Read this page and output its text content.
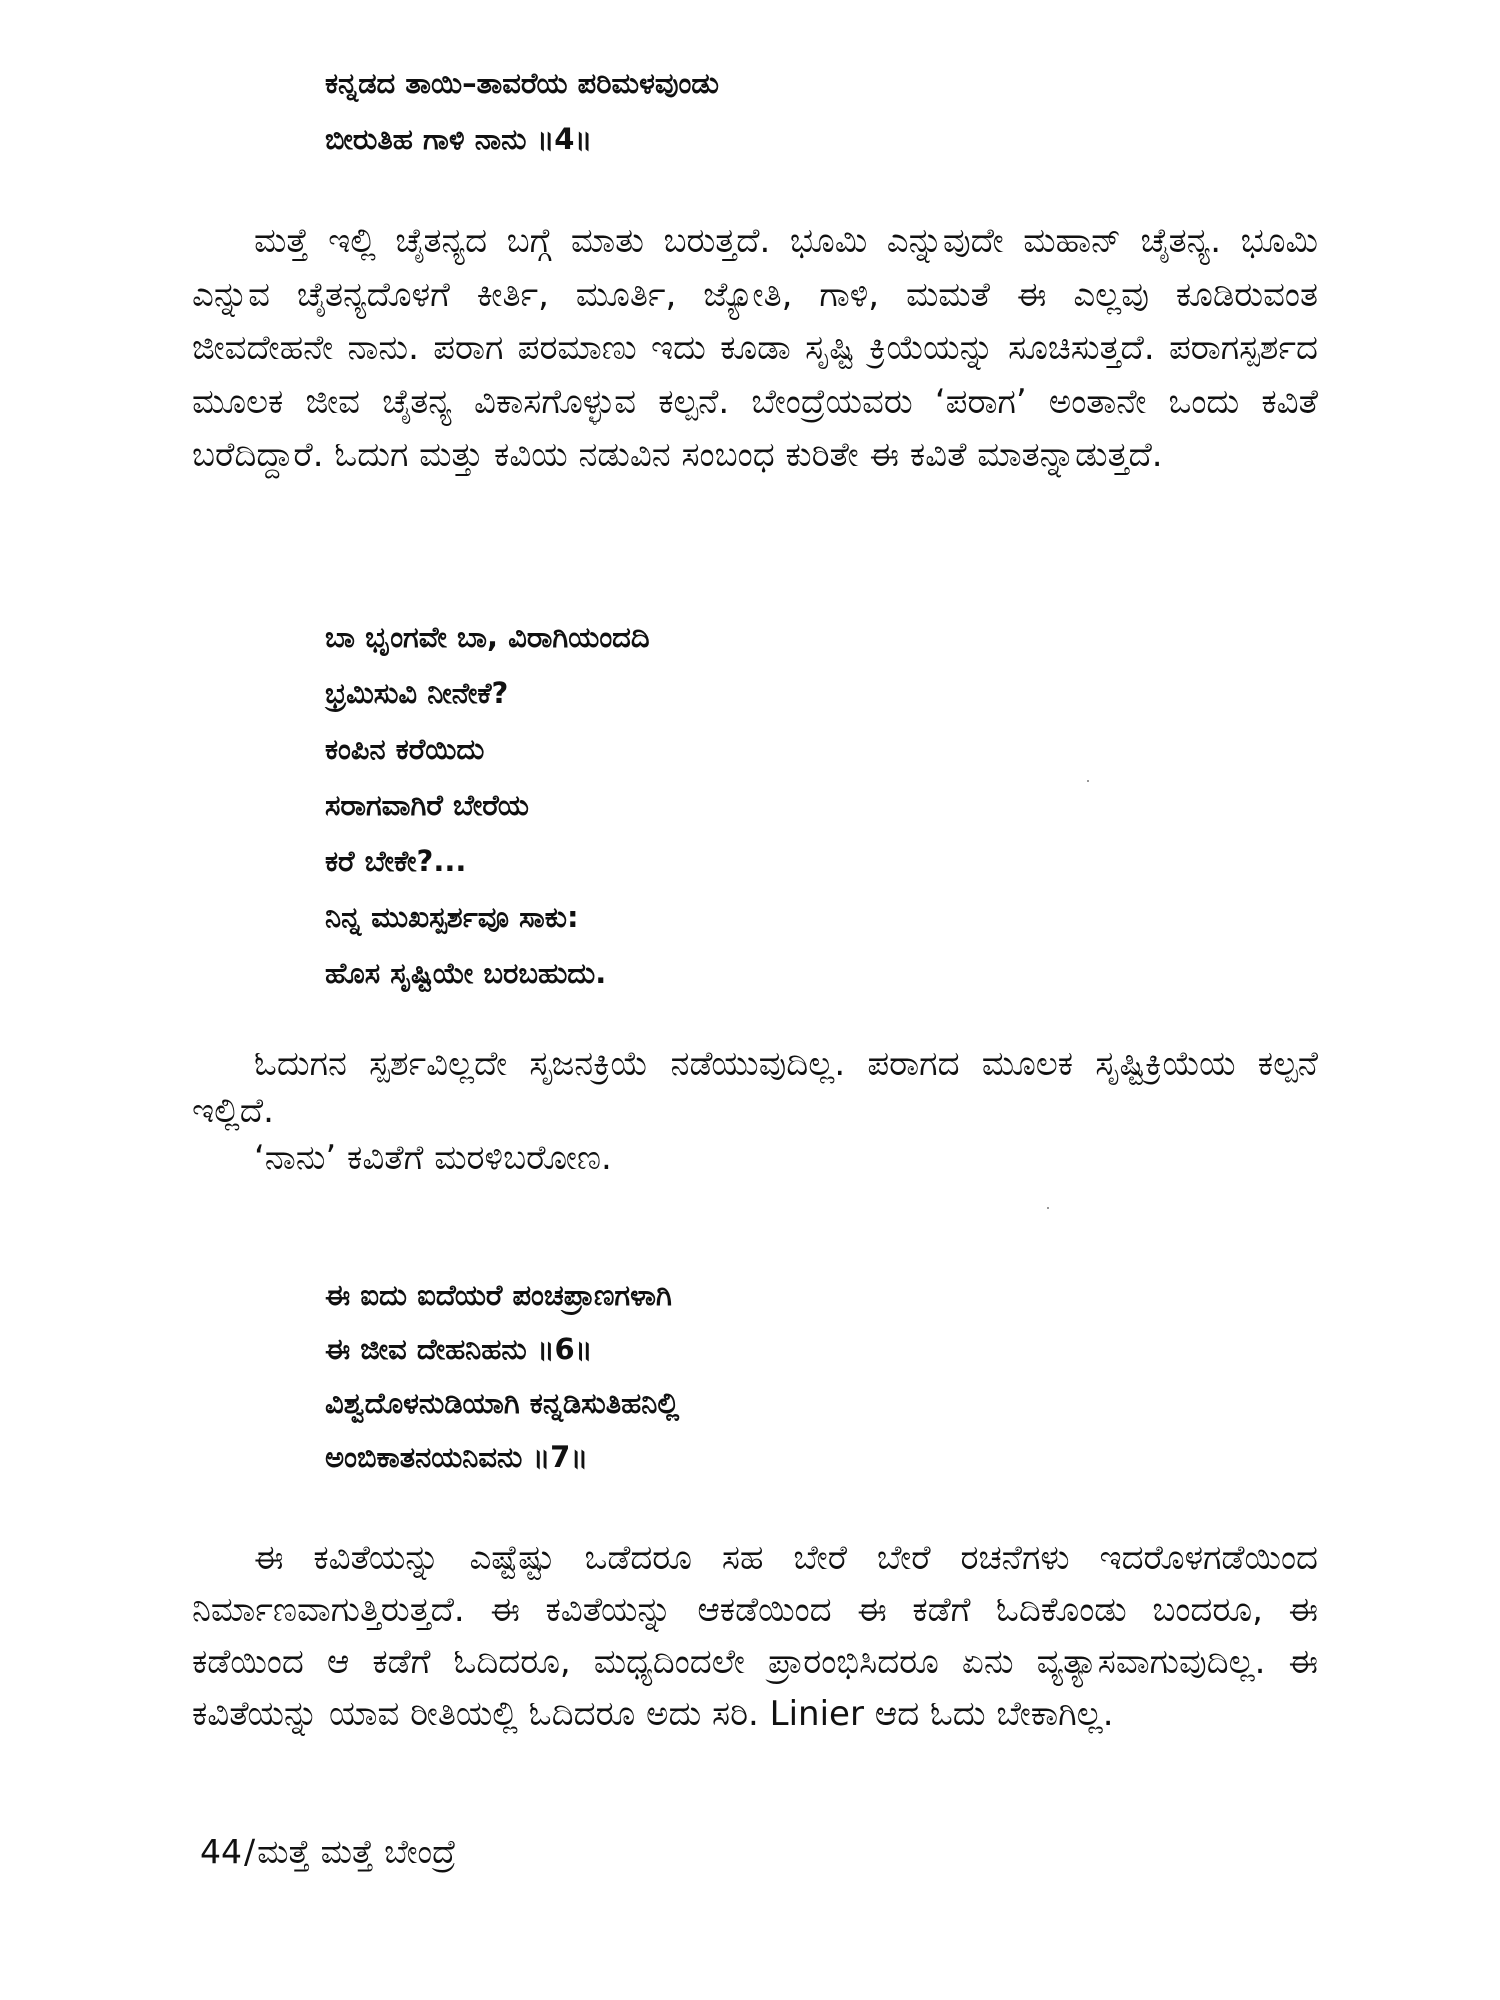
ಕನ್ನಡದ ತಾಯಿ–ತಾವರೆಯ ಪರಿಮಳವುಂಡು
ಬೀರುತಿಹ ಗಾಳಿ ನಾನು ॥4॥

ಮತ್ತೆ ಇಲ್ಲಿ ಚೈತನ್ಯದ ಬಗ್ಗೆ ಮಾತು ಬರುತ್ತದೆ. ಭೂಮಿ ಎನ್ನುವುದೇ ಮಹಾನ್ ಚೈತನ್ಯ. ಭೂಮಿ ಎನ್ನುವ ಚೈತನ್ಯದೊಳಗೆ ಕೀರ್ತಿ, ಮೂರ್ತಿ, ಜ್ಯೋತಿ, ಗಾಳಿ, ಮಮತೆ ಈ ಎಲ್ಲವು ಕೂಡಿರುವಂತ ಜೀವದೇಹನೇ ನಾನು. ಪರಾಗ ಪರಮಾಣು ಇದು ಕೂಡಾ ಸೃಷ್ಟಿ ಕ್ರಿಯೆಯನ್ನು ಸೂಚಿಸುತ್ತದೆ. ಪರಾಗಸ್ಪರ್ಶದ ಮೂಲಕ ಜೀವ ಚೈತನ್ಯ ವಿಕಾಸಗೊಳ್ಳುವ ಕಲ್ಪನೆ. ಬೇಂದ್ರೆಯವರು ‘ಪರಾಗ’ ಅಂತಾನೇ ಒಂದು ಕವಿತೆ ಬರೆದಿದ್ದಾರೆ. ಓದುಗ ಮತ್ತು ಕವಿಯ ನಡುವಿನ ಸಂಬಂಧ ಕುರಿತೇ ಈ ಕವಿತೆ ಮಾತನ್ನಾಡುತ್ತದೆ.

ಬಾ ಭೃಂಗವೇ ಬಾ, ವಿರಾಗಿಯಂದದಿ
ಭ್ರಮಿಸುವಿ ನೀನೇಕೆ?
ಕಂಪಿನ ಕರೆಯಿದು
ಸರಾಗವಾಗಿರೆ ಬೇರೆಯ
ಕರೆ ಬೇಕೇ?...
ನಿನ್ನ ಮುಖಸ್ಪರ್ಶವೂ ಸಾಕು:
ಹೊಸ ಸೃಷ್ಟಿಯೇ ಬರಬಹುದು.

ಓದುಗನ ಸ್ಪರ್ಶವಿಲ್ಲದೇ ಸೃಜನಕ್ರಿಯೆ ನಡೆಯುವುದಿಲ್ಲ. ಪರಾಗದ ಮೂಲಕ ಸೃಷ್ಟಿಕ್ರಿಯೆಯ ಕಲ್ಪನೆ ಇಲ್ಲಿದೆ.

‘ನಾನು’ ಕವಿತೆಗೆ ಮರಳಿಬರೋಣ.

ಈ ಐದು ಐದೆಯರೆ ಪಂಚಪ್ರಾಣಗಳಾಗಿ
ಈ ಜೀವ ದೇಹನಿಹನು ॥6॥
ವಿಶ್ವದೊಳನುಡಿಯಾಗಿ ಕನ್ನಡಿಸುತಿಹನಿಲ್ಲಿ
ಅಂಬಿಕಾತನಯನಿವನು ॥7॥

ಈ ಕವಿತೆಯನ್ನು ಎಷ್ಟೆಷ್ಟು ಒಡೆದರೂ ಸಹ ಬೇರೆ ಬೇರೆ ರಚನೆಗಳು ಇದರೊಳಗಡೆಯಿಂದ ನಿರ್ಮಾಣವಾಗುತ್ತಿರುತ್ತದೆ. ಈ ಕವಿತೆಯನ್ನು ಆಕಡೆಯಿಂದ ಈ ಕಡೆಗೆ ಓದಿಕೊಂಡು ಬಂದರೂ, ಈ ಕಡೆಯಿಂದ ಆ ಕಡೆಗೆ ಓದಿದರೂ, ಮಧ್ಯದಿಂದಲೇ ಪ್ರಾರಂಭಿಸಿದರೂ ಏನು ವ್ಯತ್ಯಾಸವಾಗುವುದಿಲ್ಲ. ಈ ಕವಿತೆಯನ್ನು ಯಾವ ರೀತಿಯಲ್ಲಿ ಓದಿದರೂ ಅದು ಸರಿ. Linier ಆದ ಓದು ಬೇಕಾಗಿಲ್ಲ.

44/ಮತ್ತೆ ಮತ್ತೆ ಬೇಂದ್ರೆ
